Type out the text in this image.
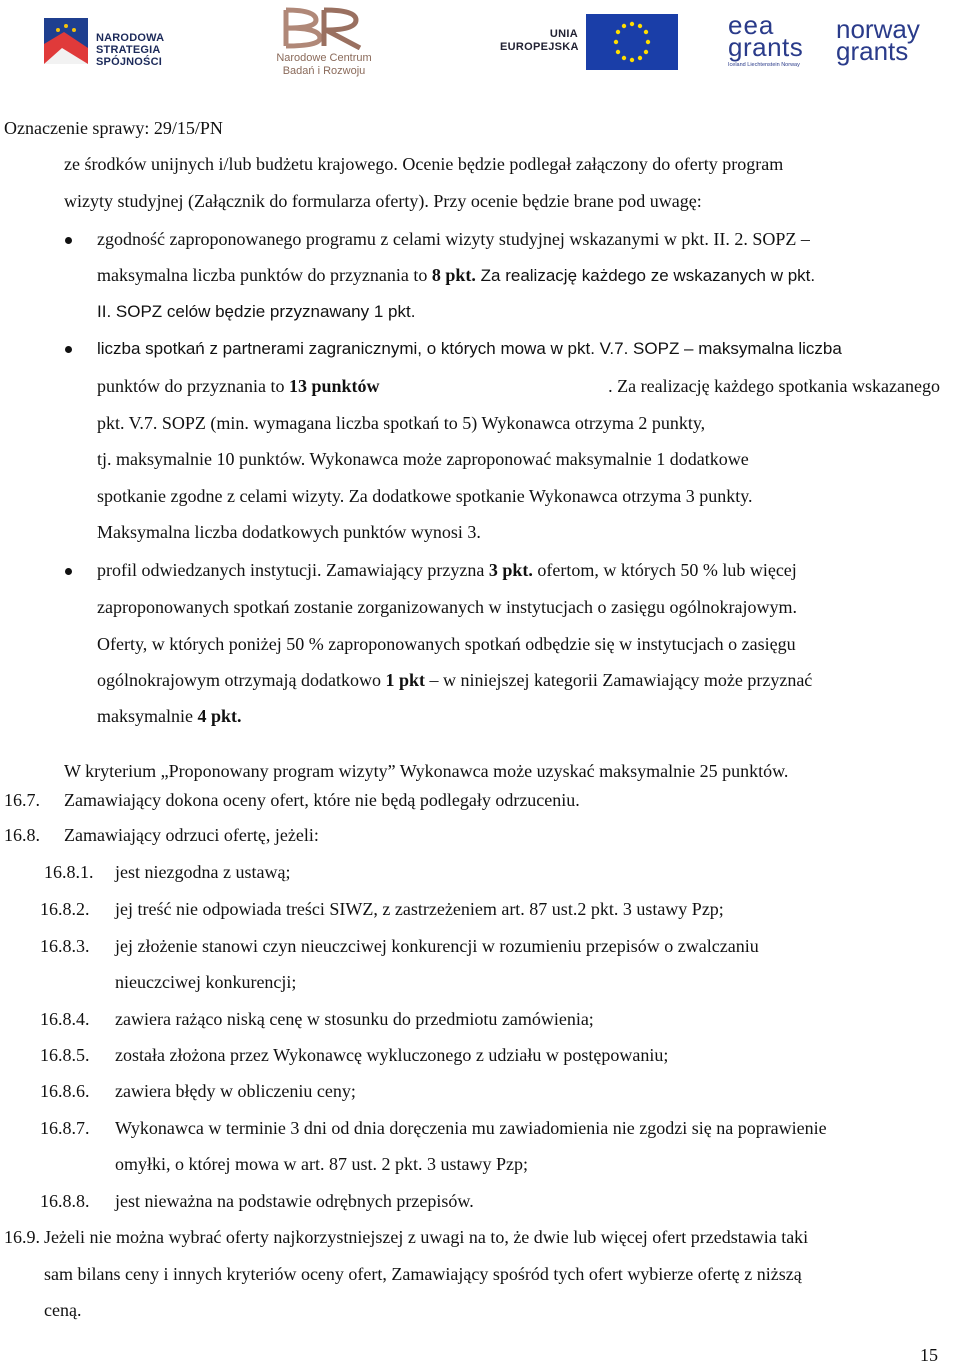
NARODOWA
STRATEGIA SPÓJNOŚCI	Narodowe Centrum
Badań i Rozwoju
UNIA
EUROPEJSKA
eea
grants
Iceland Liechtenstein Norway
norway
grants
Oznaczenie sprawy: 29/15/PN
ze środków unijnych i/lub budżetu krajowego. Ocenie będzie podlegał załączony do oferty program
wizyty studyjnej (Załącznik do formularza oferty). Przy ocenie będzie brane pod uwagę:
zgodność zaproponowanego programu z celami wizyty studyjnej wskazanymi w pkt. II. 2. SOPZ –
maksymalna liczba punktów do przyznania to 8 pkt. Za realizację każdego ze wskazanych w pkt.
II. SOPZ celów będzie przyznawany 1 pkt.
liczba spotkań z partnerami zagranicznymi, o których mowa w pkt. V.7. SOPZ – maksymalna liczba
punktów do przyznania to 13 punktów	. Za realizację każdego spotkania wskazanego
pkt. V.7. SOPZ (min. wymagana liczba spotkań to 5) Wykonawca otrzyma 2 punkty,
tj. maksymalnie 10 punktów. Wykonawca może zaproponować maksymalnie 1 dodatkowe
spotkanie zgodne z celami wizyty. Za dodatkowe spotkanie Wykonawca otrzyma 3 punkty.
Maksymalna liczba dodatkowych punktów wynosi 3.
profil odwiedzanych instytucji. Zamawiający przyzna 3 pkt. ofertom, w których 50 % lub więcej
zaproponowanych spotkań zostanie zorganizowanych w instytucjach o zasięgu ogólnokrajowym.
Oferty, w których poniżej 50 % zaproponowanych spotkań odbędzie się w instytucjach o zasięgu
ogólnokrajowym otrzymają dodatkowo 1 pkt – w niniejszej kategorii Zamawiający może przyznać
maksymalnie 4 pkt.
W kryterium „Proponowany program wizyty” Wykonawca może uzyskać maksymalnie 25 punktów.
16.7. Zamawiający dokona oceny ofert, które nie będą podlegały odrzuceniu.
16.8. Zamawiający odrzuci ofertę, jeżeli:
16.8.1. jest niezgodna z ustawą;
16.8.2. jej treść nie odpowiada treści SIWZ, z zastrzeżeniem art. 87 ust.2 pkt. 3 ustawy Pzp;
16.8.3. jej złożenie stanowi czyn nieuczciwej konkurencji w rozumieniu przepisów o zwalczaniu
nieuczciwej konkurencji;
16.8.4. zawiera rażąco niską cenę w stosunku do przedmiotu zamówienia;
16.8.5. została złożona przez Wykonawcę wykluczonego z udziału w postępowaniu;
16.8.6. zawiera błędy w obliczeniu ceny;
16.8.7. Wykonawca w terminie 3 dni od dnia doręczenia mu zawiadomienia nie zgodzi się na poprawienie
omyłki, o której mowa w art. 87 ust. 2 pkt. 3 ustawy Pzp;
16.8.8. jest nieważna na podstawie odrębnych przepisów.
16.9. Jeżeli nie można wybrać oferty najkorzystniejszej z uwagi na to, że dwie lub więcej ofert przedstawia taki
sam bilans ceny i innych kryteriów oceny ofert, Zamawiający spośród tych ofert wybierze ofertę z niższą
ceną.
15
